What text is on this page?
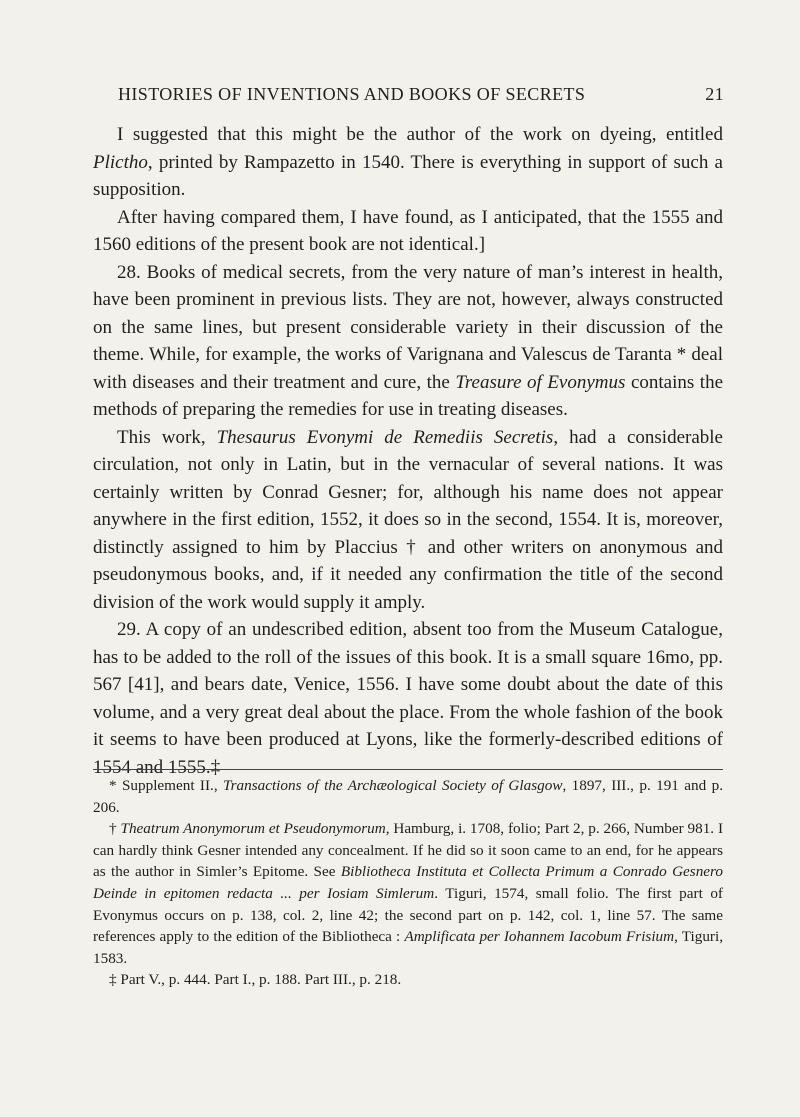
HISTORIES OF INVENTIONS AND BOOKS OF SECRETS	21

I suggested that this might be the author of the work on dyeing, entitled Plictho, printed by Rampazetto in 1540. There is everything in support of such a supposition.

After having compared them, I have found, as I anticipated, that the 1555 and 1560 editions of the present book are not identical.]

28. Books of medical secrets, from the very nature of man’s interest in health, have been prominent in previous lists. They are not, however, always constructed on the same lines, but present considerable variety in their discussion of the theme. While, for example, the works of Varignana and Valescus de Taranta * deal with diseases and their treatment and cure, the Treasure of Evonymus contains the methods of preparing the remedies for use in treating diseases.

This work, Thesaurus Evonymi de Remediis Secretis, had a considerable circulation, not only in Latin, but in the vernacular of several nations. It was certainly written by Conrad Gesner; for, although his name does not appear anywhere in the first edition, 1552, it does so in the second, 1554. It is, moreover, distinctly assigned to him by Placcius † and other writers on anonymous and pseudonymous books, and, if it needed any confirmation the title of the second division of the work would supply it amply.

29. A copy of an undescribed edition, absent too from the Museum Catalogue, has to be added to the roll of the issues of this book. It is a small square 16mo, pp. 567 [41], and bears date, Venice, 1556. I have some doubt about the date of this volume, and a very great deal about the place. From the whole fashion of the book it seems to have been produced at Lyons, like the formerly-described editions of 1554 and 1555.‡

* Supplement II., Transactions of the Archæological Society of Glasgow, 1897, III., p. 191 and p. 206.

† Theatrum Anonymorum et Pseudonymorum, Hamburg, i. 1708, folio; Part 2, p. 266, Number 981. I can hardly think Gesner intended any concealment. If he did so it soon came to an end, for he appears as the author in Simler’s Epitome. See Bibliotheca Instituta et Collecta Primum a Conrado Gesnero Deinde in epitomen redacta ... per Iosiam Simlerum. Tiguri, 1574, small folio. The first part of Evonymus occurs on p. 138, col. 2, line 42; the second part on p. 142, col. 1, line 57. The same references apply to the edition of the Bibliotheca : Amplificata per Iohannem Iacobum Frisium, Tiguri, 1583.

‡ Part V., p. 444. Part I., p. 188. Part III., p. 218.
